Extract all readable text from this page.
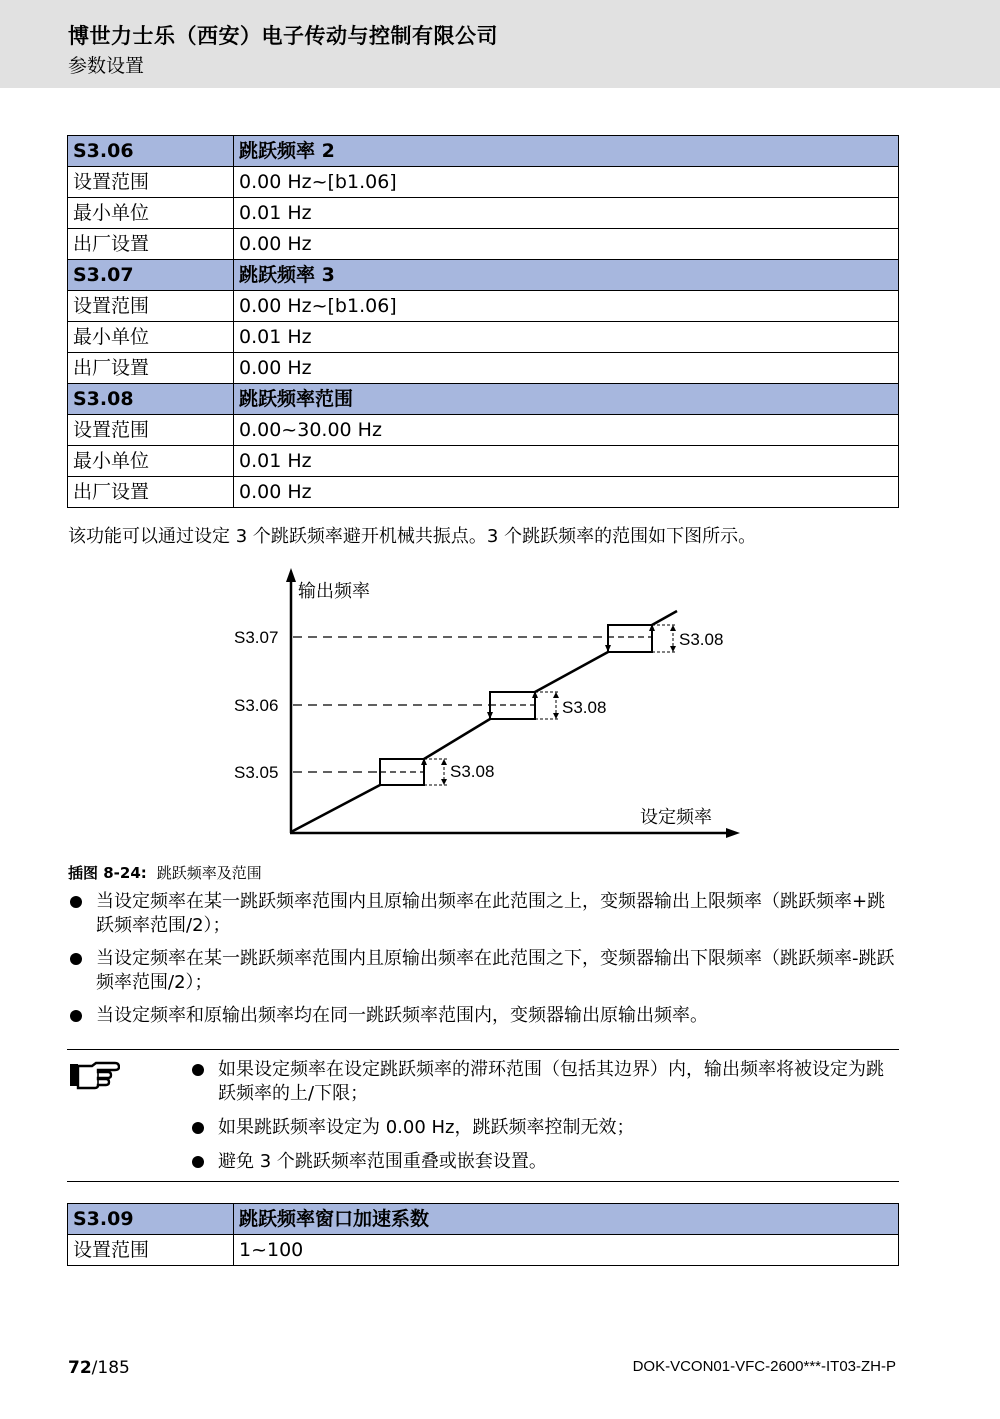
博世力士乐（西安）电子传动与控制有限公司
参数设置
S3.06	跳跃频率 2
设置范围	0.00 Hz~[b1.06]
最小单位	0.01 Hz
出厂设置	0.00 Hz
S3.07	跳跃频率 3
设置范围	0.00 Hz~[b1.06]
最小单位	0.01 Hz
出厂设置	0.00 Hz
S3.08	跳跃频率范围
设置范围	0.00~30.00 Hz
最小单位	0.01 Hz
出厂设置	0.00 Hz
该功能可以通过设定 3 个跳跃频率避开机械共振点。3 个跳跃频率的范围如下图所示。
输出频率
设定频率
S3.05
S3.06
S3.07
S3.08
S3.08
S3.08
插图 8-24: 跳跃频率及范围
当设定频率在某一跳跃频率范围内且原输出频率在此范围之上，变频器输出上限频率（跳跃频率+跳跃频率范围/2）；
当设定频率在某一跳跃频率范围内且原输出频率在此范围之下，变频器输出下限频率（跳跃频率-跳跃频率范围/2）；
当设定频率和原输出频率均在同一跳跃频率范围内，变频器输出原输出频率。
如果设定频率在设定跳跃频率的滞环范围（包括其边界）内，输出频率将被设定为跳跃频率的上/下限；
如果跳跃频率设定为 0.00 Hz，跳跃频率控制无效；
避免 3 个跳跃频率范围重叠或嵌套设置。
S3.09	跳跃频率窗口加速系数
设置范围	1~100
72/185	DOK-VCON01-VFC-2600***-IT03-ZH-P
